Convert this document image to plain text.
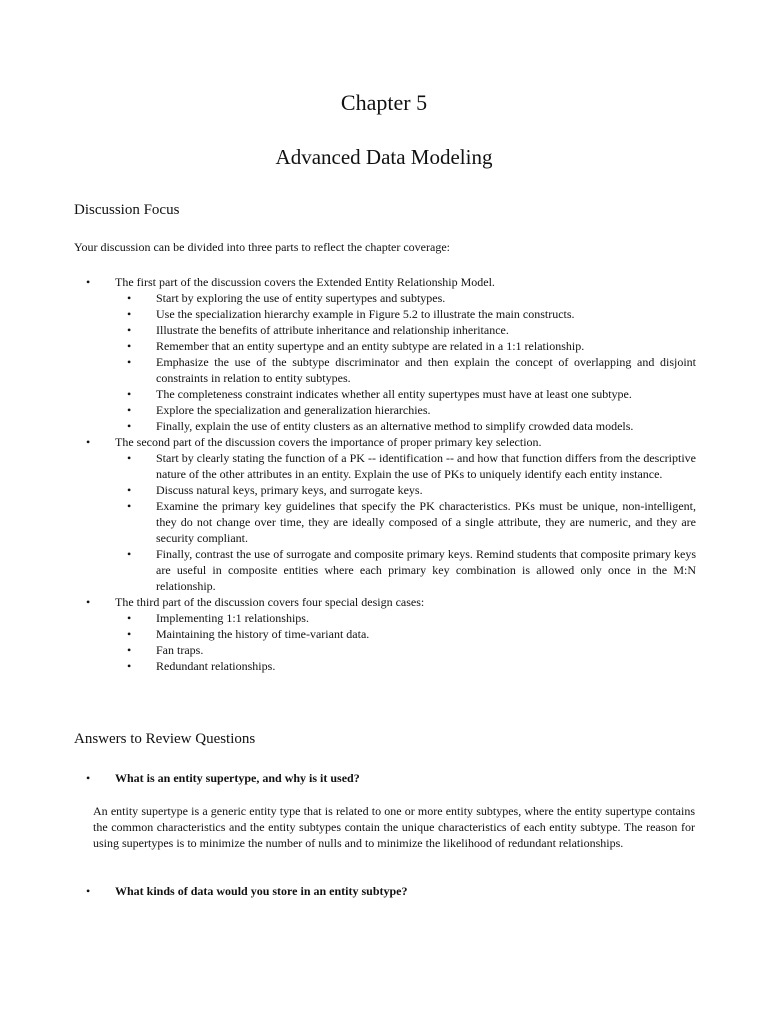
Chapter 5
Advanced Data Modeling
Discussion Focus

Your discussion can be divided into three parts to reflect the chapter coverage:

• The first part of the discussion covers the Extended Entity Relationship Model.
• Start by exploring the use of entity supertypes and subtypes.
• Use the specialization hierarchy example in Figure 5.2 to illustrate the main constructs.
• Illustrate the benefits of attribute inheritance and relationship inheritance.
• Remember that an entity supertype and an entity subtype are related in a 1:1 relationship.
• Emphasize the use of the subtype discriminator and then explain the concept of overlapping and disjoint constraints in relation to entity subtypes.
• The completeness constraint indicates whether all entity supertypes must have at least one subtype.
• Explore the specialization and generalization hierarchies.
• Finally, explain the use of entity clusters as an alternative method to simplify crowded data models.
• The second part of the discussion covers the importance of proper primary key selection.
• Start by clearly stating the function of a PK -- identification -- and how that function differs from the descriptive nature of the other attributes in an entity. Explain the use of PKs to uniquely identify each entity instance.
• Discuss natural keys, primary keys, and surrogate keys.
• Examine the primary key guidelines that specify the PK characteristics. PKs must be unique, non-intelligent, they do not change over time, they are ideally composed of a single attribute, they are numeric, and they are security compliant.
• Finally, contrast the use of surrogate and composite primary keys. Remind students that composite primary keys are useful in composite entities where each primary key combination is allowed only once in the M:N relationship.
• The third part of the discussion covers four special design cases:
• Implementing 1:1 relationships.
• Maintaining the history of time-variant data.
• Fan traps.
• Redundant relationships.
Answers to Review Questions

• What is an entity supertype, and why is it used?

An entity supertype is a generic entity type that is related to one or more entity subtypes, where the entity supertype contains the common characteristics and the entity subtypes contain the unique characteristics of each entity subtype. The reason for using supertypes is to minimize the number of nulls and to minimize the likelihood of redundant relationships.

• What kinds of data would you store in an entity subtype?
